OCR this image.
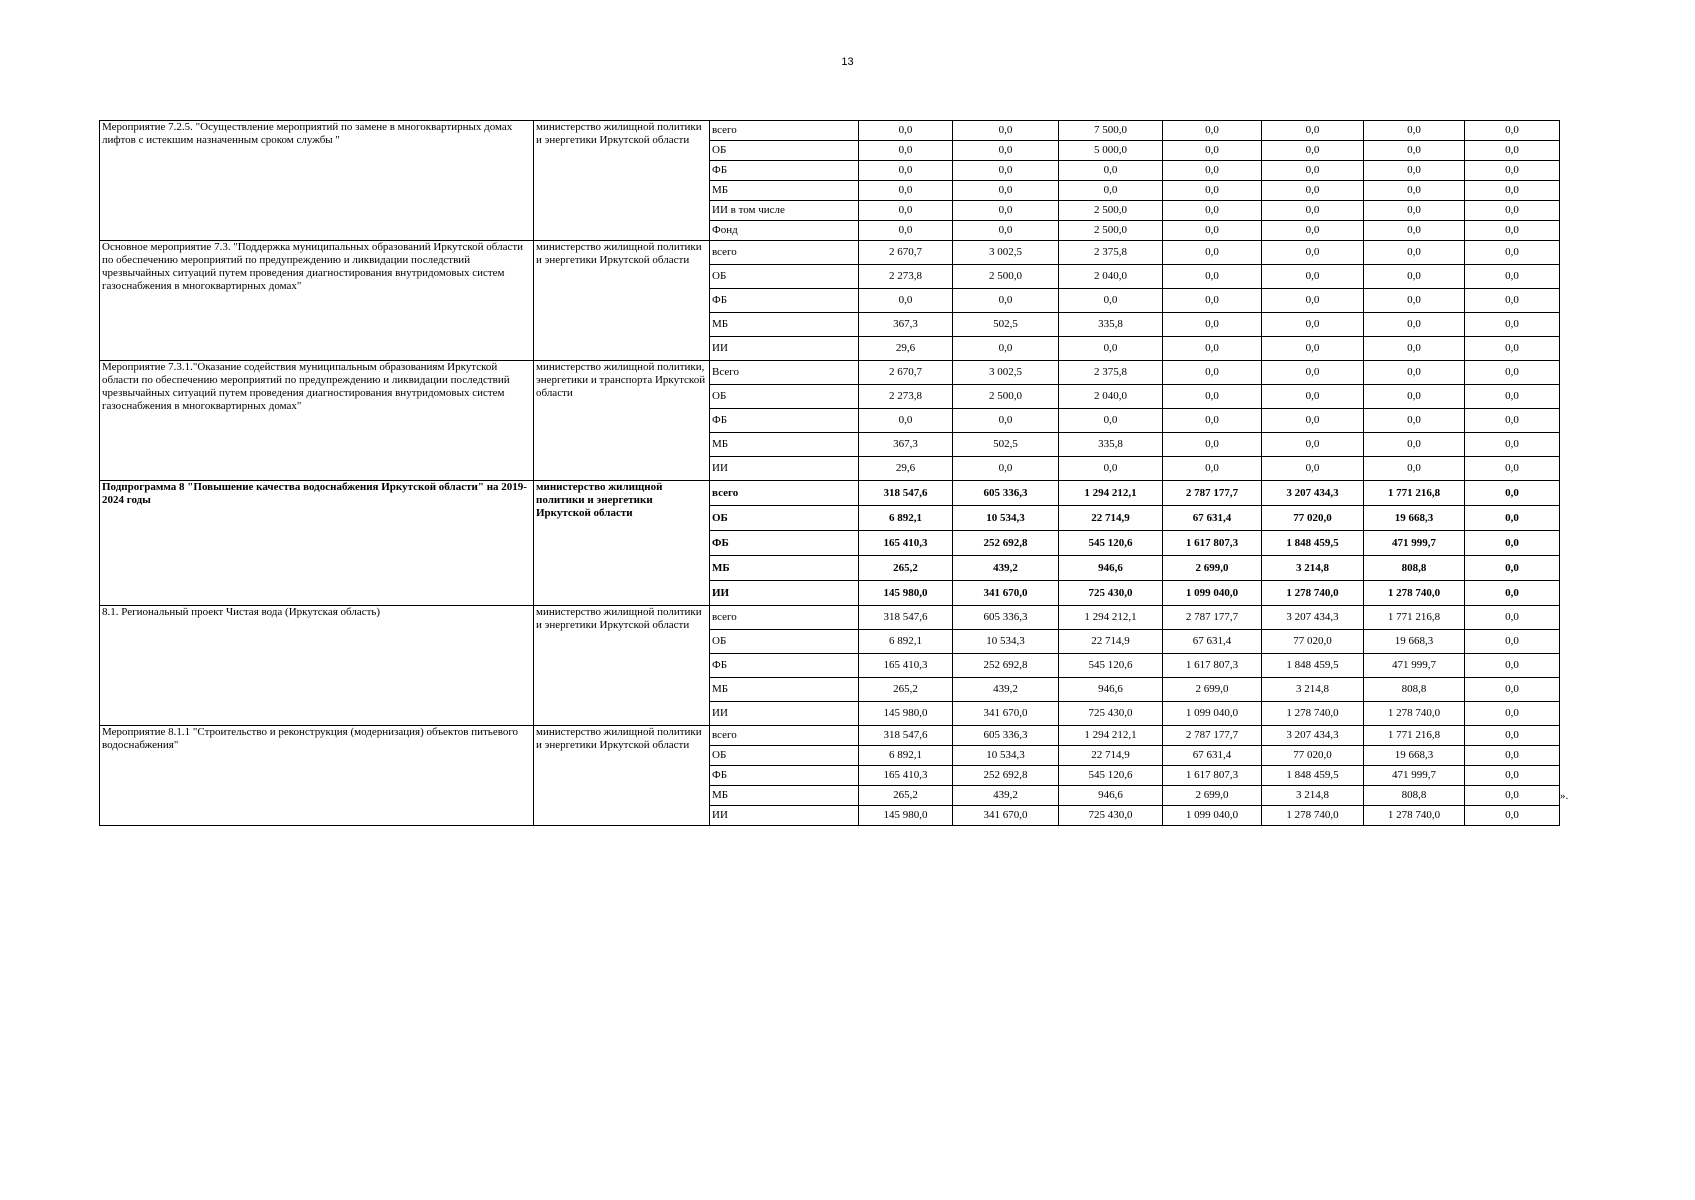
13
Мероприятие 7.2.5. "Осуществление мероприятий по замене в многоквартирных домах лифтов с истекшим назначенным сроком службы "	министерство жилищной политики и энергетики Иркутской области	всего	0,0	0,0	7 500,0	0,0	0,0	0,0	0,0
		ОБ	0,0	0,0	5 000,0	0,0	0,0	0,0	0,0
		ФБ	0,0	0,0	0,0	0,0	0,0	0,0	0,0
		МБ	0,0	0,0	0,0	0,0	0,0	0,0	0,0
		ИИ в том числе	0,0	0,0	2 500,0	0,0	0,0	0,0	0,0
		Фонд	0,0	0,0	2 500,0	0,0	0,0	0,0	0,0
Основное мероприятие 7.3. "Поддержка муниципальных образований Иркутской области по обеспечению мероприятий по предупреждению и ликвидации последствий чрезвычайных ситуаций путем проведения диагностирования внутридомовых систем газоснабжения в многоквартирных домах"	министерство жилищной политики и энергетики Иркутской области	всего	2 670,7	3 002,5	2 375,8	0,0	0,0	0,0	0,0
		ОБ	2 273,8	2 500,0	2 040,0	0,0	0,0	0,0	0,0
		ФБ	0,0	0,0	0,0	0,0	0,0	0,0	0,0
		МБ	367,3	502,5	335,8	0,0	0,0	0,0	0,0
		ИИ	29,6	0,0	0,0	0,0	0,0	0,0	0,0
Мероприятие 7.3.1."Оказание содействия муниципальным образованиям Иркутской области по обеспечению мероприятий по предупреждению и ликвидации последствий чрезвычайных ситуаций путем проведения диагностирования внутридомовых систем газоснабжения в многоквартирных домах"	министерство жилищной политики, энергетики и транспорта Иркутской области	Всего	2 670,7	3 002,5	2 375,8	0,0	0,0	0,0	0,0
		ОБ	2 273,8	2 500,0	2 040,0	0,0	0,0	0,0	0,0
		ФБ	0,0	0,0	0,0	0,0	0,0	0,0	0,0
		МБ	367,3	502,5	335,8	0,0	0,0	0,0	0,0
		ИИ	29,6	0,0	0,0	0,0	0,0	0,0	0,0
Подпрограмма 8 "Повышение качества водоснабжения Иркутской области" на 2019-2024 годы	министерство жилищной политики и энергетики Иркутской области	всего	318 547,6	605 336,3	1 294 212,1	2 787 177,7	3 207 434,3	1 771 216,8	0,0
		ОБ	6 892,1	10 534,3	22 714,9	67 631,4	77 020,0	19 668,3	0,0
		ФБ	165 410,3	252 692,8	545 120,6	1 617 807,3	1 848 459,5	471 999,7	0,0
		МБ	265,2	439,2	946,6	2 699,0	3 214,8	808,8	0,0
		ИИ	145 980,0	341 670,0	725 430,0	1 099 040,0	1 278 740,0	1 278 740,0	0,0
8.1. Региональный проект Чистая вода (Иркутская область)	министерство жилищной политики и энергетики Иркутской области	всего	318 547,6	605 336,3	1 294 212,1	2 787 177,7	3 207 434,3	1 771 216,8	0,0
		ОБ	6 892,1	10 534,3	22 714,9	67 631,4	77 020,0	19 668,3	0,0
		ФБ	165 410,3	252 692,8	545 120,6	1 617 807,3	1 848 459,5	471 999,7	0,0
		МБ	265,2	439,2	946,6	2 699,0	3 214,8	808,8	0,0
		ИИ	145 980,0	341 670,0	725 430,0	1 099 040,0	1 278 740,0	1 278 740,0	0,0
Мероприятие 8.1.1 "Строительство и реконструкция (модернизация) объектов питьевого водоснабжения"	министерство жилищной политики и энергетики Иркутской области	всего	318 547,6	605 336,3	1 294 212,1	2 787 177,7	3 207 434,3	1 771 216,8	0,0
		ОБ	6 892,1	10 534,3	22 714,9	67 631,4	77 020,0	19 668,3	0,0
		ФБ	165 410,3	252 692,8	545 120,6	1 617 807,3	1 848 459,5	471 999,7	0,0
		МБ	265,2	439,2	946,6	2 699,0	3 214,8	808,8	0,0
		ИИ	145 980,0	341 670,0	725 430,0	1 099 040,0	1 278 740,0	1 278 740,0	0,0
».
